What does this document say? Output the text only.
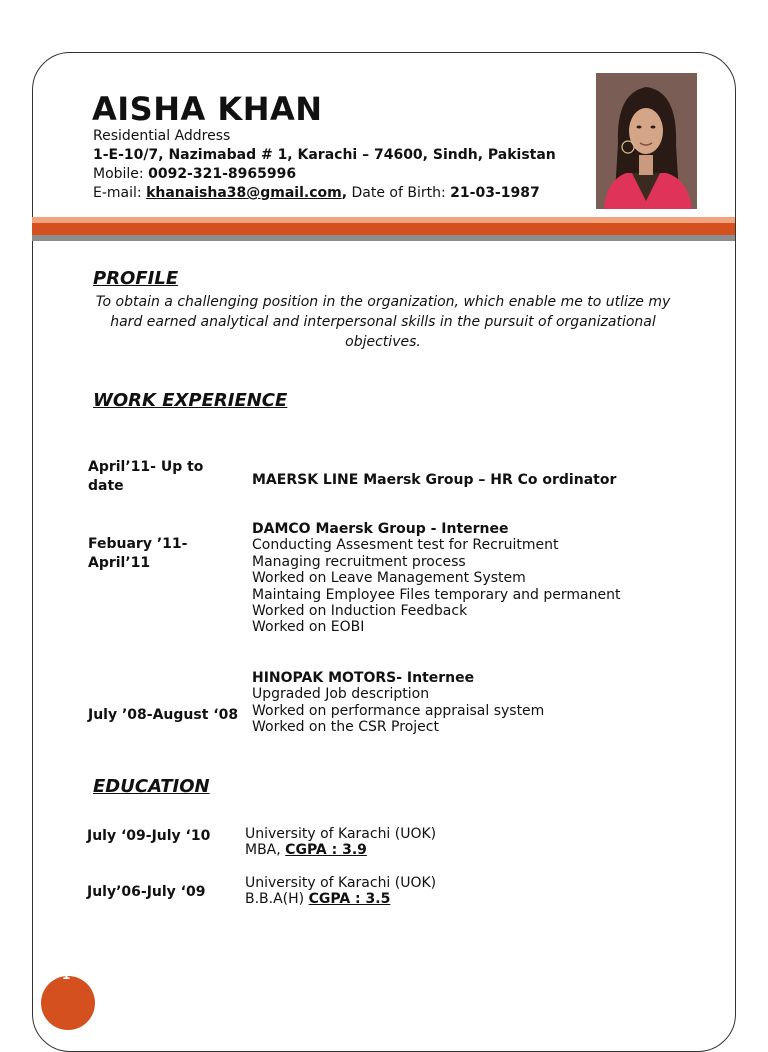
AISHA KHAN
Residential Address
1-E-10/7, Nazimabad # 1, Karachi – 74600, Sindh, Pakistan
Mobile: 0092-321-8965996
E-mail: khanaisha38@gmail.com, Date of Birth: 21-03-1987
PROFILE
To obtain a challenging position in the organization, which enable me to utlize my hard earned analytical and interpersonal skills in the pursuit of organizational objectives.
WORK EXPERIENCE
April’11- Up to date	MAERSK LINE Maersk Group – HR Co ordinator
Febuary ’11- April’11
DAMCO Maersk Group - Internee
Conducting Assesment test for Recruitment
Managing recruitment process
Worked on Leave Management System
Maintaing Employee Files temporary and permanent
Worked on Induction Feedback
Worked on EOBI
July ’08-August ‘08
HINOPAK MOTORS- Internee
Upgraded Job description
Worked on performance appraisal system
Worked on the CSR Project
EDUCATION
July ‘09-July ‘10 University of Karachi (UOK)
MBA, CGPA : 3.9
July’06-July ‘09
University of Karachi (UOK)
B.B.A(H) CGPA : 3.5
1
